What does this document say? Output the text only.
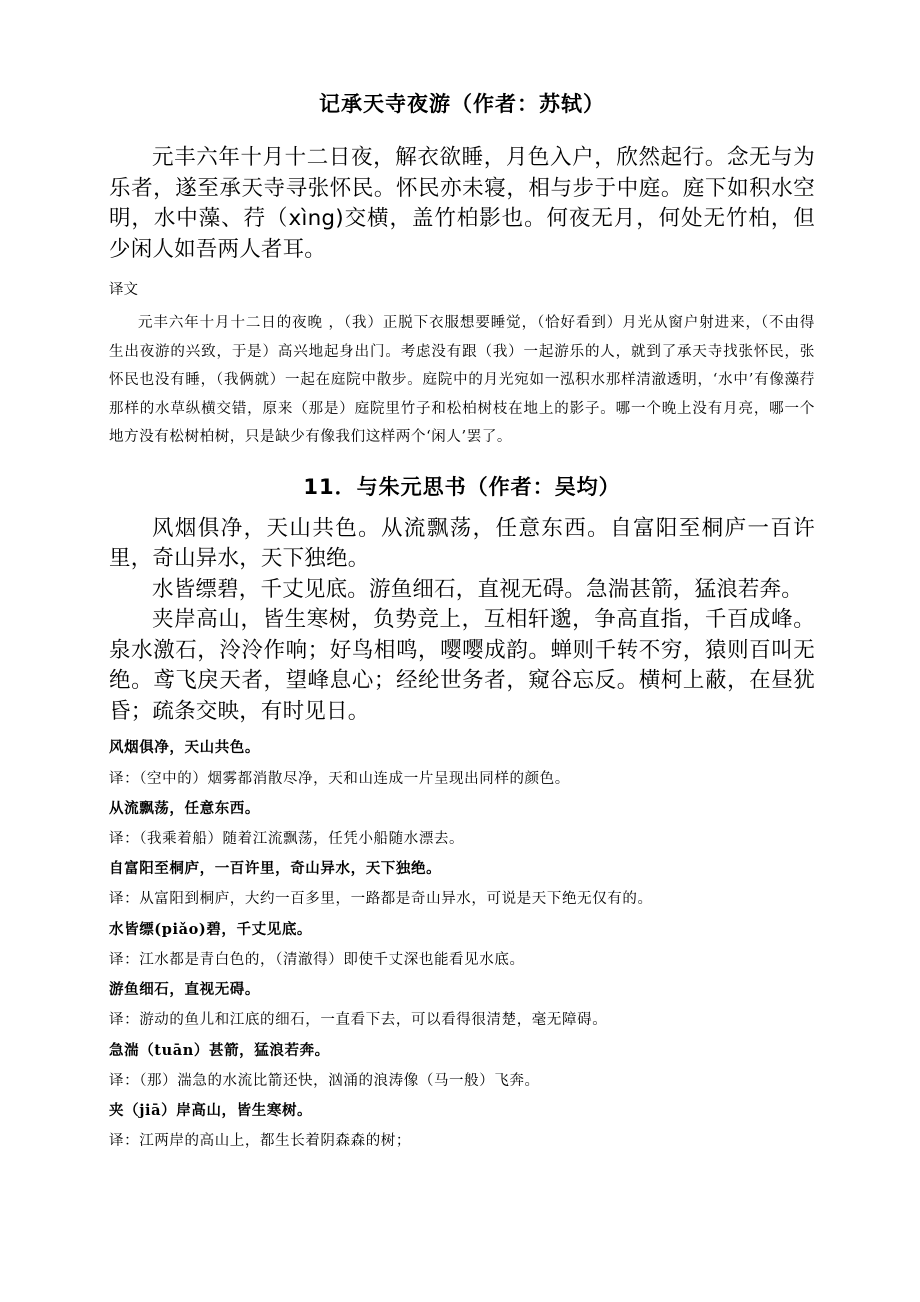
记承天寺夜游（作者：苏轼）

元丰六年十月十二日夜，解衣欲睡，月色入户，欣然起行。念无与为乐者，遂至承天寺寻张怀民。怀民亦未寝，相与步于中庭。庭下如积水空明，水中藻、荇（xìng)交横，盖竹柏影也。何夜无月，何处无竹柏，但少闲人如吾两人者耳。

译文

元丰六年十月十二日的夜晚 ，（我）正脱下衣服想要睡觉，（恰好看到）月光从窗户射进来，（不由得生出夜游的兴致，于是）高兴地起身出门。考虑没有跟（我）一起游乐的人，就到了承天寺找张怀民，张怀民也没有睡，（我俩就）一起在庭院中散步。庭院中的月光宛如一泓积水那样清澈透明，‘水中’有像藻荇那样的水草纵横交错，原来（那是）庭院里竹子和松柏树枝在地上的影子。哪一个晚上没有月亮，哪一个地方没有松树柏树，只是缺少有像我们这样两个‘闲人’罢了。

11．与朱元思书（作者：吴均）

风烟俱净，天山共色。从流飘荡，任意东西。自富阳至桐庐一百许里，奇山异水，天下独绝。

水皆缥碧，千丈见底。游鱼细石，直视无碍。急湍甚箭，猛浪若奔。

夹岸高山，皆生寒树，负势竞上，互相轩邈，争高直指，千百成峰。泉水激石，泠泠作响；好鸟相鸣，嘤嘤成韵。蝉则千转不穷，猿则百叫无绝。鸢飞戾天者，望峰息心；经纶世务者，窥谷忘反。横柯上蔽，在昼犹昏；疏条交映，有时见日。

风烟俱净，天山共色。

译：（空中的）烟雾都消散尽净，天和山连成一片呈现出同样的颜色。

从流飘荡，任意东西。

译：（我乘着船）随着江流飘荡，任凭小船随水漂去。

自富阳至桐庐，一百许里，奇山异水，天下独绝。

译：从富阳到桐庐，大约一百多里，一路都是奇山异水，可说是天下绝无仅有的。

水皆缥(piǎo)碧，千丈见底。

译：江水都是青白色的，（清澈得）即使千丈深也能看见水底。

游鱼细石，直视无碍。

译：游动的鱼儿和江底的细石，一直看下去，可以看得很清楚，毫无障碍。

急湍（tuān）甚箭，猛浪若奔。

译：（那）湍急的水流比箭还快，汹涌的浪涛像（马一般）飞奔。

夹（jiā）岸高山，皆生寒树。

译：江两岸的高山上，都生长着阴森森的树；
